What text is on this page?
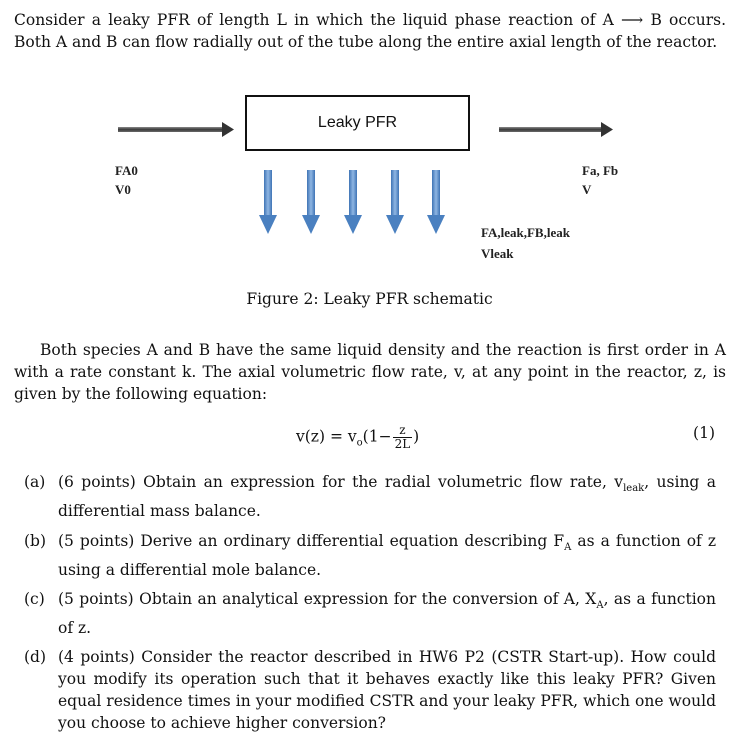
Consider a leaky PFR of length L in which the liquid phase reaction of A ⟶ B occurs. Both A and B can flow radially out of the tube along the entire axial length of the reactor.
Leaky PFR
FA0
V0
Fa, Fb
V
FA,leak,FB,leak
Vleak
Figure 2: Leaky PFR schematic

Both species A and B have the same liquid density and the reaction is first order in A with a rate constant k. The axial volumetric flow rate, v, at any point in the reactor, z, is given by the following equation:

$v(z) = v_o(1- \frac{z}{2L}$ )	(1)
(a) (6 points) Obtain an expression for the radial volumetric flow rate, $v_{leak}$, using a differential mass balance.
(b) (5 points) Derive an ordinary differential equation describing $F_A$ as a function of z using a differential mole balance.
(c) (5 points) Obtain an analytical expression for the conversion of A, $X_A$, as a function of z.
(d) (4 points) Consider the reactor described in HW6 P2 (CSTR Start-up). How could you modify its operation such that it behaves exactly like this leaky PFR? Given equal residence times in your modified CSTR and your leaky PFR, which one would you choose to achieve higher conversion?
